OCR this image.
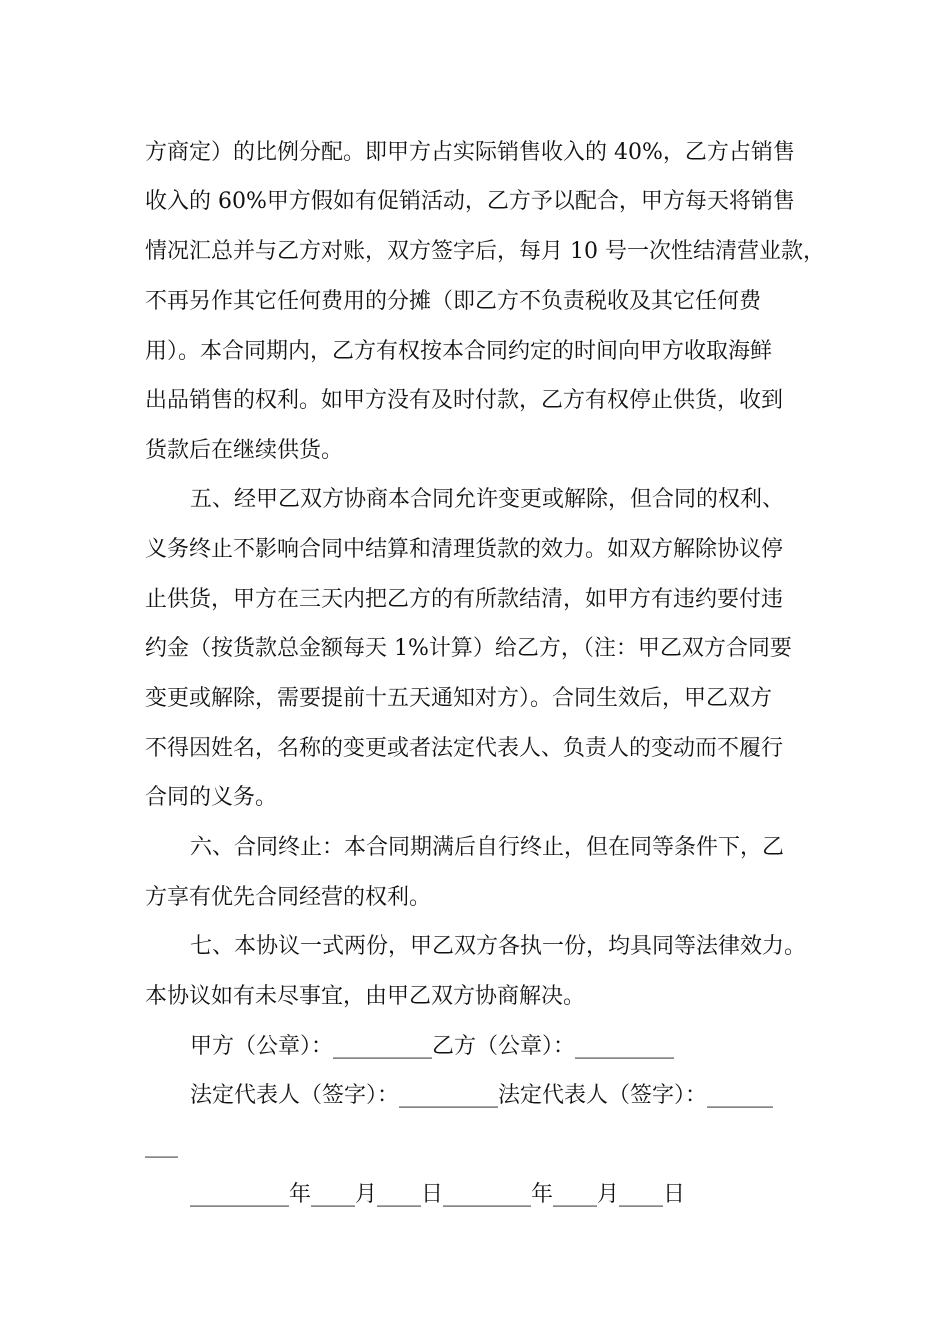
方商定）的比例分配。即甲方占实际销售收入的 40%，乙方占销售
收入的 60%甲方假如有促销活动，乙方予以配合，甲方每天将销售
情况汇总并与乙方对账，双方签字后，每月 10 号一次性结清营业款，
不再另作其它任何费用的分摊（即乙方不负责税收及其它任何费
用）。本合同期内，乙方有权按本合同约定的时间向甲方收取海鲜
出品销售的权利。如甲方没有及时付款，乙方有权停止供货，收到
货款后在继续供货。
五、经甲乙双方协商本合同允许变更或解除，但合同的权利、
义务终止不影响合同中结算和清理货款的效力。如双方解除协议停
止供货，甲方在三天内把乙方的有所款结清，如甲方有违约要付违
约金（按货款总金额每天 1%计算）给乙方，（注：甲乙双方合同要
变更或解除，需要提前十五天通知对方）。合同生效后，甲乙双方
不得因姓名，名称的变更或者法定代表人、负责人的变动而不履行
合同的义务。
六、合同终止：本合同期满后自行终止，但在同等条件下，乙
方享有优先合同经营的权利。
七、本协议一式两份，甲乙双方各执一份，均具同等法律效力。
本协议如有未尽事宜，由甲乙双方协商解决。
甲方（公章）：_________乙方（公章）：_________
法定代表人（签字）：_________法定代表人（签字）：______
___
_________年____月____日________年____月____日
